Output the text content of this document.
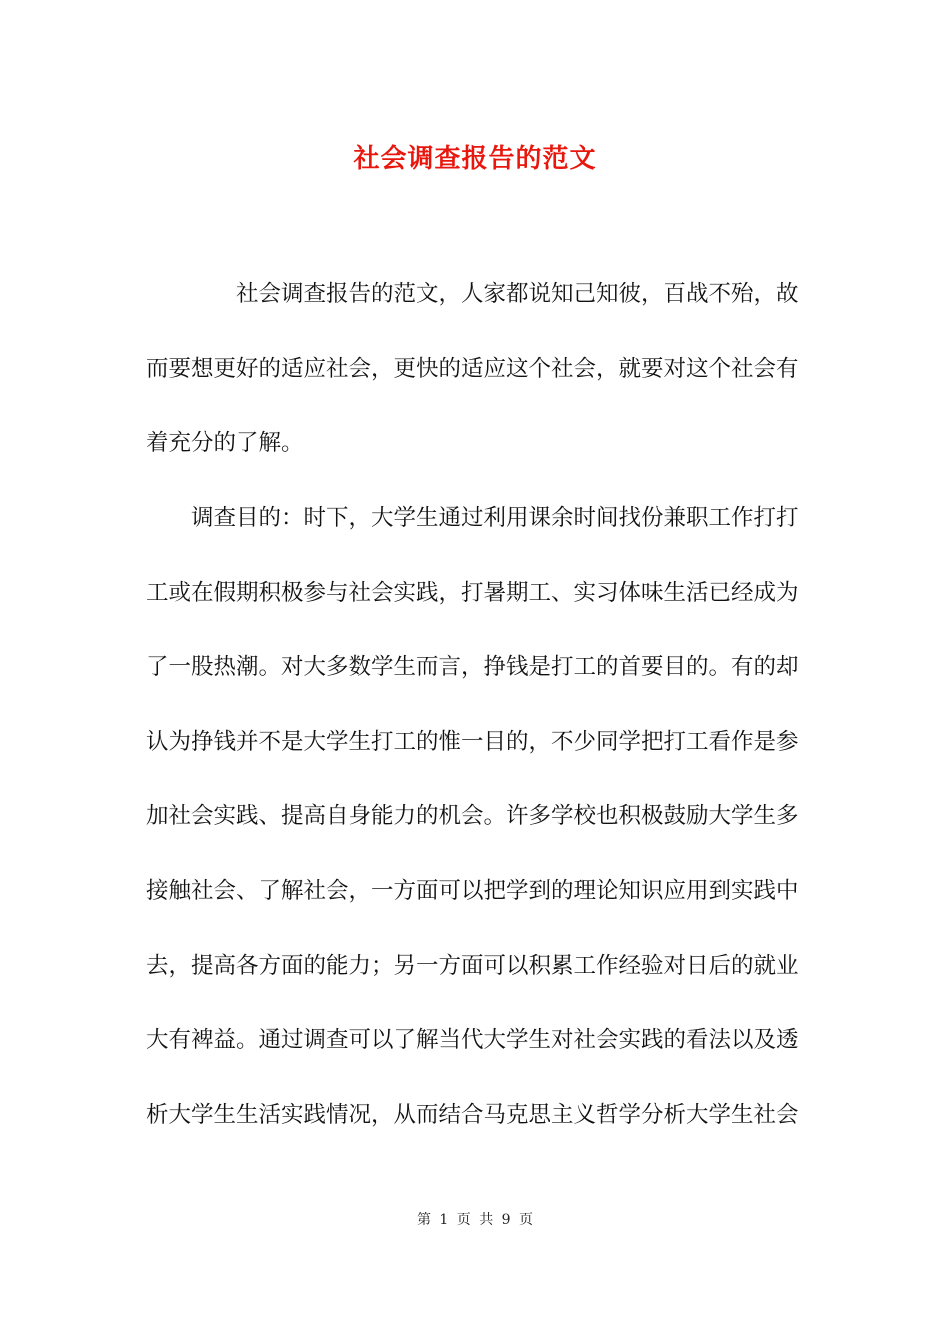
社会调查报告的范文

社会调查报告的范文，人家都说知己知彼，百战不殆，故而要想更好的适应社会，更快的适应这个社会，就要对这个社会有着充分的了解。

调查目的：时下，大学生通过利用课余时间找份兼职工作打打工或在假期积极参与社会实践，打暑期工、实习体味生活已经成为了一股热潮。对大多数学生而言，挣钱是打工的首要目的。有的却认为挣钱并不是大学生打工的惟一目的，不少同学把打工看作是参加社会实践、提高自身能力的机会。许多学校也积极鼓励大学生多接触社会、了解社会，一方面可以把学到的理论知识应用到实践中去，提高各方面的能力；另一方面可以积累工作经验对日后的就业大有裨益。通过调查可以了解当代大学生对社会实践的看法以及透析大学生生活实践情况，从而结合马克思主义哲学分析大学生社会

第 1 页 共 9 页
